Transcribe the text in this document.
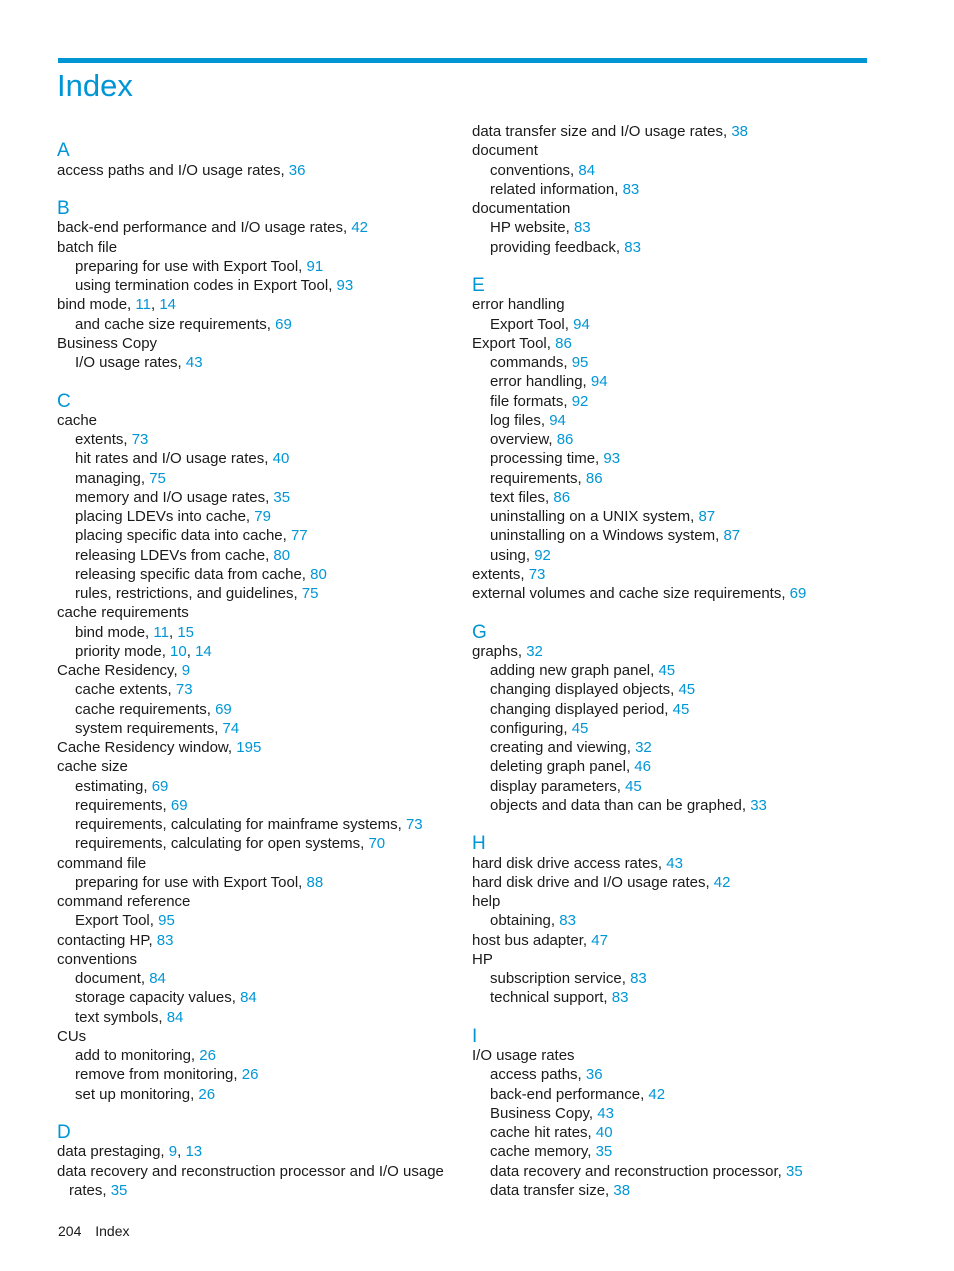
Index
A
access paths and I/O usage rates, 36
B
back-end performance and I/O usage rates, 42
batch file
preparing for use with Export Tool, 91
using termination codes in Export Tool, 93
bind mode, 11, 14
and cache size requirements, 69
Business Copy
I/O usage rates, 43
C
cache
extents, 73
hit rates and I/O usage rates, 40
managing, 75
memory and I/O usage rates, 35
placing LDEVs into cache, 79
placing specific data into cache, 77
releasing LDEVs from cache, 80
releasing specific data from cache, 80
rules, restrictions, and guidelines, 75
cache requirements
bind mode, 11, 15
priority mode, 10, 14
Cache Residency, 9
cache extents, 73
cache requirements, 69
system requirements, 74
Cache Residency window, 195
cache size
estimating, 69
requirements, 69
requirements, calculating for mainframe systems, 73
requirements, calculating for open systems, 70
command file
preparing for use with Export Tool, 88
command reference
Export Tool, 95
contacting HP, 83
conventions
document, 84
storage capacity values, 84
text symbols, 84
CUs
add to monitoring, 26
remove from monitoring, 26
set up monitoring, 26
D
data prestaging, 9, 13
data recovery and reconstruction processor and I/O usage
rates, 35
data transfer size and I/O usage rates, 38
document
conventions, 84
related information, 83
documentation
HP website, 83
providing feedback, 83
E
error handling
Export Tool, 94
Export Tool, 86
commands, 95
error handling, 94
file formats, 92
log files, 94
overview, 86
processing time, 93
requirements, 86
text files, 86
uninstalling on a UNIX system, 87
uninstalling on a Windows system, 87
using, 92
extents, 73
external volumes and cache size requirements, 69
G
graphs, 32
adding new graph panel, 45
changing displayed objects, 45
changing displayed period, 45
configuring, 45
creating and viewing, 32
deleting graph panel, 46
display parameters, 45
objects and data than can be graphed, 33
H
hard disk drive access rates, 43
hard disk drive and I/O usage rates, 42
help
obtaining, 83
host bus adapter, 47
HP
subscription service, 83
technical support, 83
I
I/O usage rates
access paths, 36
back-end performance, 42
Business Copy, 43
cache hit rates, 40
cache memory, 35
data recovery and reconstruction processor, 35
data transfer size, 38
204 Index
